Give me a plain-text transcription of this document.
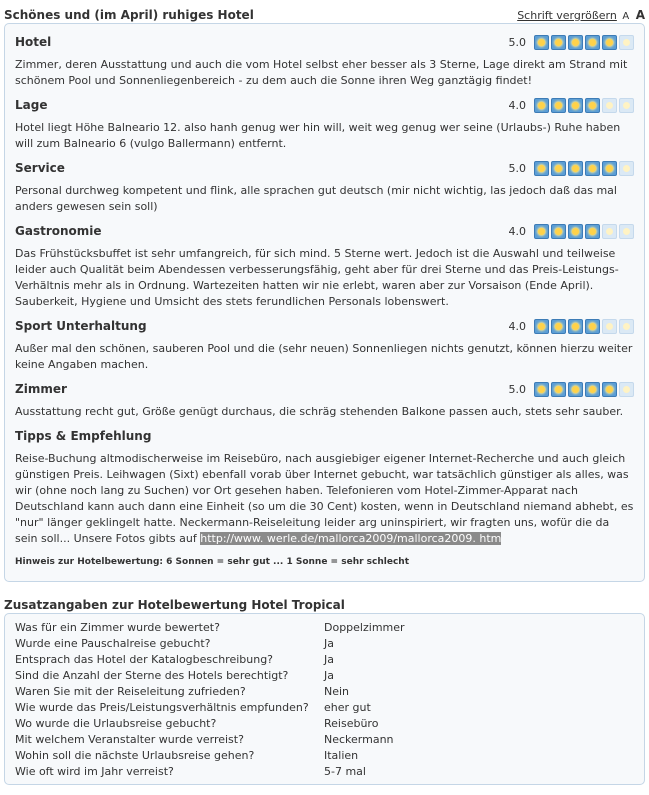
Schönes und (im April) ruhiges Hotel	Schrift vergrößern A A
Hotel	5.0
Zimmer, deren Ausstattung und auch die vom Hotel selbst eher besser als 3 Sterne, Lage direkt am Strand mit schönem Pool und Sonnenliegenbereich - zu dem auch die Sonne ihren Weg ganztägig findet!
Lage	4.0
Hotel liegt Höhe Balneario 12. also hanh genug wer hin will, weit weg genug wer seine (Urlaubs-) Ruhe haben will zum Balneario 6 (vulgo Ballermann) entfernt.
Service	5.0
Personal durchweg kompetent und flink, alle sprachen gut deutsch (mir nicht wichtig, las jedoch daß das mal anders gewesen sein soll)
Gastronomie	4.0
Das Frühstücksbuffet ist sehr umfangreich, für sich mind. 5 Sterne wert. Jedoch ist die Auswahl und teilweise leider auch Qualität beim Abendessen verbesserungsfähig, geht aber für drei Sterne und das Preis-Leistungs-Verhältnis mehr als in Ordnung. Wartezeiten hatten wir nie erlebt, waren aber zur Vorsaison (Ende April). Sauberkeit, Hygiene und Umsicht des stets ferundlichen Personals lobenswert.
Sport Unterhaltung	4.0
Außer mal den schönen, sauberen Pool und die (sehr neuen) Sonnenliegen nichts genutzt, können hierzu weiter keine Angaben machen.
Zimmer	5.0
Ausstattung recht gut, Größe genügt durchaus, die schräg stehenden Balkone passen auch, stets sehr sauber.
Tipps & Empfehlung
Reise-Buchung altmodischerweise im Reisebüro, nach ausgiebiger eigener Internet-Recherche und auch gleich günstigen Preis. Leihwagen (Sixt) ebenfall vorab über Internet gebucht, war tatsächlich günstiger als alles, was wir (ohne noch lang zu Suchen) vor Ort gesehen haben. Telefonieren vom Hotel-Zimmer-Apparat nach Deutschland kann auch dann eine Einheit (so um die 30 Cent) kosten, wenn in Deutschland niemand abhebt, es "nur" länger geklingelt hatte. Neckermann-Reiseleitung leider arg uninspiriert, wir fragten uns, wofür die da sein soll... Unsere Fotos gibts auf http://www. werle.de/mallorca2009/mallorca2009. htm
Hinweis zur Hotelbewertung: 6 Sonnen = sehr gut ... 1 Sonne = sehr schlecht
Zusatzangaben zur Hotelbewertung Hotel Tropical
Was für ein Zimmer wurde bewertet?	Doppelzimmer
Wurde eine Pauschalreise gebucht?	Ja
Entsprach das Hotel der Katalogbeschreibung?	Ja
Sind die Anzahl der Sterne des Hotels berechtigt?	Ja
Waren Sie mit der Reiseleitung zufrieden?	Nein
Wie wurde das Preis/Leistungsverhältnis empfunden?	eher gut
Wo wurde die Urlaubsreise gebucht?	Reisebüro
Mit welchem Veranstalter wurde verreist?	Neckermann
Wohin soll die nächste Urlaubsreise gehen?	Italien
Wie oft wird im Jahr verreist?	5-7 mal
